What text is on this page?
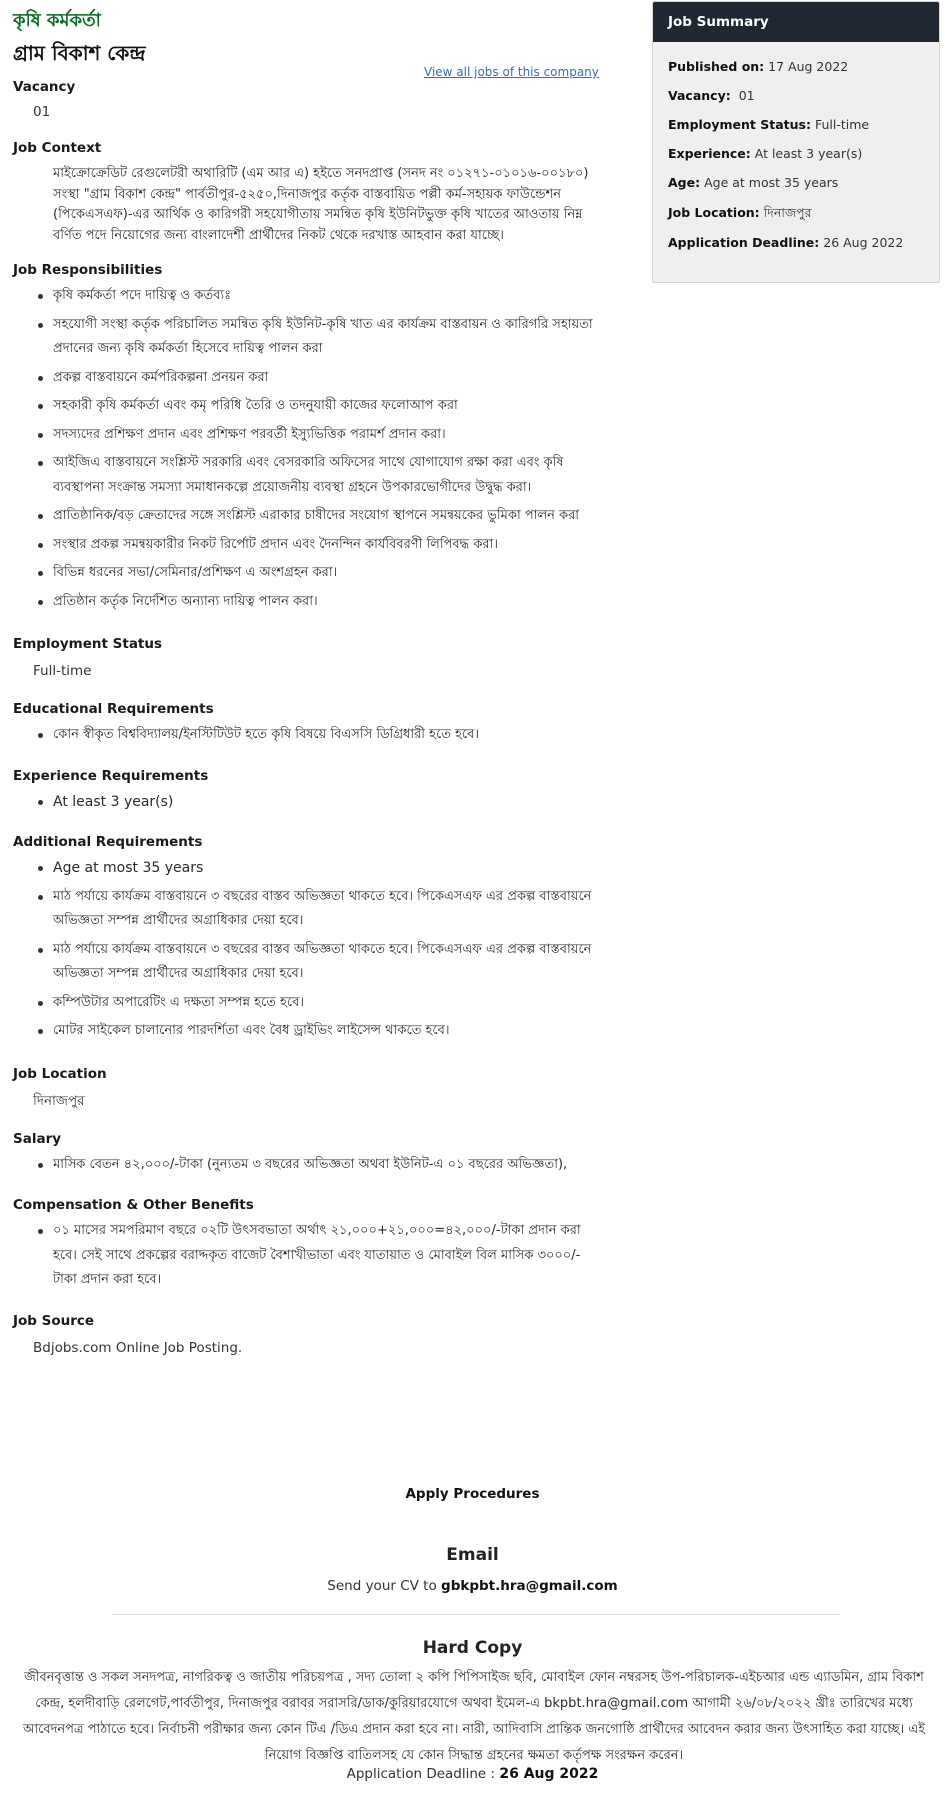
কৃষি কর্মকর্তা
গ্রাম বিকাশ কেন্দ্র
Vacancy
01
Job Context
মাইক্রোক্রেডিট রেগুলেটরী অথারিটি (এম আর এ) হইতে সনদপ্রাপ্ত (সনদ নং ০১২৭১-০১০১৬-০০১৮০) সংস্থা "গ্রাম বিকাশ কেন্দ্র" পার্বতীপুর-৫২৫০,দিনাজপুর কর্তৃক বাস্তবায়িত পল্লী কর্ম-সহায়ক ফাউন্ডেশন (পিকেএসএফ)-এর আর্থিক ও কারিগরী সহযোগীতায় সমন্বিত কৃষি ইউনিটভুক্ত কৃষি খাতের আওতায় নিম্ন বর্ণিত পদে নিয়োগের জন্য বাংলাদেশী প্রার্থীদের নিকট থেকে দরখাস্ত আহবান করা যাচ্ছে।
Job Responsibilities
কৃষি কর্মকর্তা পদে দায়িত্ব ও কর্তব্যঃ
সহযোগী সংস্থা কর্তৃক পরিচালিত সমন্বিত কৃষি ইউনিট-কৃষি খাত এর কার্যক্রম বাস্তবায়ন ও কারিগরি সহায়তা প্রদানের জন্য কৃষি কর্মকর্তা হিসেবে দায়িত্ব পালন করা
প্রকল্প বাস্তবায়নে কর্মপরিকল্পনা প্রনয়ন করা
সহকারী কৃষি কর্মকর্তা এবং কমৃ পরিধি তৈরি ও তদনুযায়ী কাজের ফলোআপ করা
সদস্যদের প্রশিক্ষণ প্রদান এবং প্রশিক্ষণ পরবর্তী ইস্যুভিত্তিক পরামর্শ প্রদান করা।
আইজিএ বাস্তবায়নে সংশ্লিস্ট সরকারি এবং বেসরকারি অফিসের সাথে যোগাযোগ রক্ষা করা এবং কৃষি ব্যবস্থাপনা সংক্রান্ত সমস্যা সমাধানকল্পে প্রয়োজনীয় ব্যবস্থা গ্রহনে উপকারভোগীদের উদ্বুদ্ধ করা।
প্রাতিষ্ঠানিক/বড় ক্রেতাদের সঙ্গে সংশ্লিস্ট এরাকার চাষীদের সংযোগ স্থাপনে সমন্বয়কের ভুমিকা পালন করা
সংস্থার প্রকল্প সমন্বয়কারীর নিকট রির্পোট প্রদান এবং দৈনন্দিন কার্যবিবরণী লিপিবদ্ধ করা।
বিভিন্ন ধরনের সভা/সেমিনার/প্রশিক্ষণ এ অংশগ্রহন করা।
প্রতিষ্ঠান কর্তৃক নির্দেশিত অন্যান্য দায়িত্ব পালন করা।
Employment Status
Full-time
Educational Requirements
কোন স্বীকৃত বিশ্ববিদ্যালয়/ইনস্টিটিউট হতে কৃষি বিষয়ে বিএসসি ডিগ্রিধারী হতে হবে।
Experience Requirements
At least 3 year(s)
Additional Requirements
Age at most 35 years
মাঠ পর্যায়ে কার্যক্রম বাস্তবায়নে ৩ বছরের বাস্তব অভিজ্ঞতা থাকতে হবে। পিকেএসএফ এর প্রকল্প বাস্তবায়নে অভিজ্ঞতা সম্পন্ন প্রার্থীদের অগ্রাধিকার দেয়া হবে।
মাঠ পর্যায়ে কার্যক্রম বাস্তবায়নে ৩ বছরের বাস্তব অভিজ্ঞতা থাকতে হবে। পিকেএসএফ এর প্রকল্প বাস্তবায়নে অভিজ্ঞতা সম্পন্ন প্রার্থীদের অগ্রাধিকার দেয়া হবে।
কম্পিউটার অপারেটিং এ দক্ষতা সম্পন্ন হতে হবে।
মোটর সাইকেল চালানোর পারদর্শিতা এবং বৈধ ড্রাইভিং লাইসেন্স থাকতে হবে।
Job Location
দিনাজপুর
Salary
মাসিক বেতন ৪২,০০০/-টাকা (নুন্যতম ৩ বছরের অভিজ্ঞতা অথবা ইউনিট-এ ০১ বছরের অভিজ্ঞতা),
Compensation & Other Benefits
০১ মাসের সমপরিমাণ বছরে ০২টি উৎসবভাতা অর্থাৎ ২১,০০০+২১,০০০=৪২,০০০/-টাকা প্রদান করা হবে। সেই সাথে প্রকল্পের বরাদ্দকৃত বাজেট বৈশাখীভাতা এবং যাতায়াত ও মোবাইল বিল মাসিক ৩০০০/-টাকা প্রদান করা হবে।
Job Source
Bdjobs.com Online Job Posting.
View all jobs of this company
Job Summary
Published on: 17 Aug 2022
Vacancy: 01
Employment Status: Full-time
Experience: At least 3 year(s)
Age: Age at most 35 years
Job Location: দিনাজপুর
Application Deadline: 26 Aug 2022
Apply Procedures
Email
Send your CV to gbkpbt.hra@gmail.com
Hard Copy
জীবনবৃত্তান্ত ও সকল সনদপত্র, নাগরিকত্ব ও জাতীয় পরিচয়পত্র , সদ্য তোলা ২ কপি পিপিসাইজ ছবি, মোবাইল ফোন নম্বরসহ উপ-পরিচালক-এইচআর এন্ড এ্যাডমিন, গ্রাম বিকাশ কেন্দ্র, হলদীবাড়ি রেলগেট,পার্বতীপুর, দিনাজপুর বরাবর সরাসরি/ডাক/কুরিয়ারযোগে অথবা ইমেল-এ bkpbt.hra@gmail.com আগামী ২৬/০৮/২০২২ খ্রীঃ তারিখের মধ্যে আবেদনপত্র পাঠাতে হবে। নির্বাচনী পরীক্ষার জন্য কোন টিএ /ডিএ প্রদান করা হবে না। নারী, আদিবাসি প্রান্তিক জনগোষ্ঠি প্রার্থীদের আবেদন করার জন্য উৎসাহিত করা যাচ্ছে। এই নিয়োগ বিজ্ঞপ্তি বাতিলসহ যে কোন সিদ্ধান্ত গ্রহনের ক্ষমতা কর্তৃপক্ষ সংরক্ষন করেন।
Application Deadline : 26 Aug 2022
